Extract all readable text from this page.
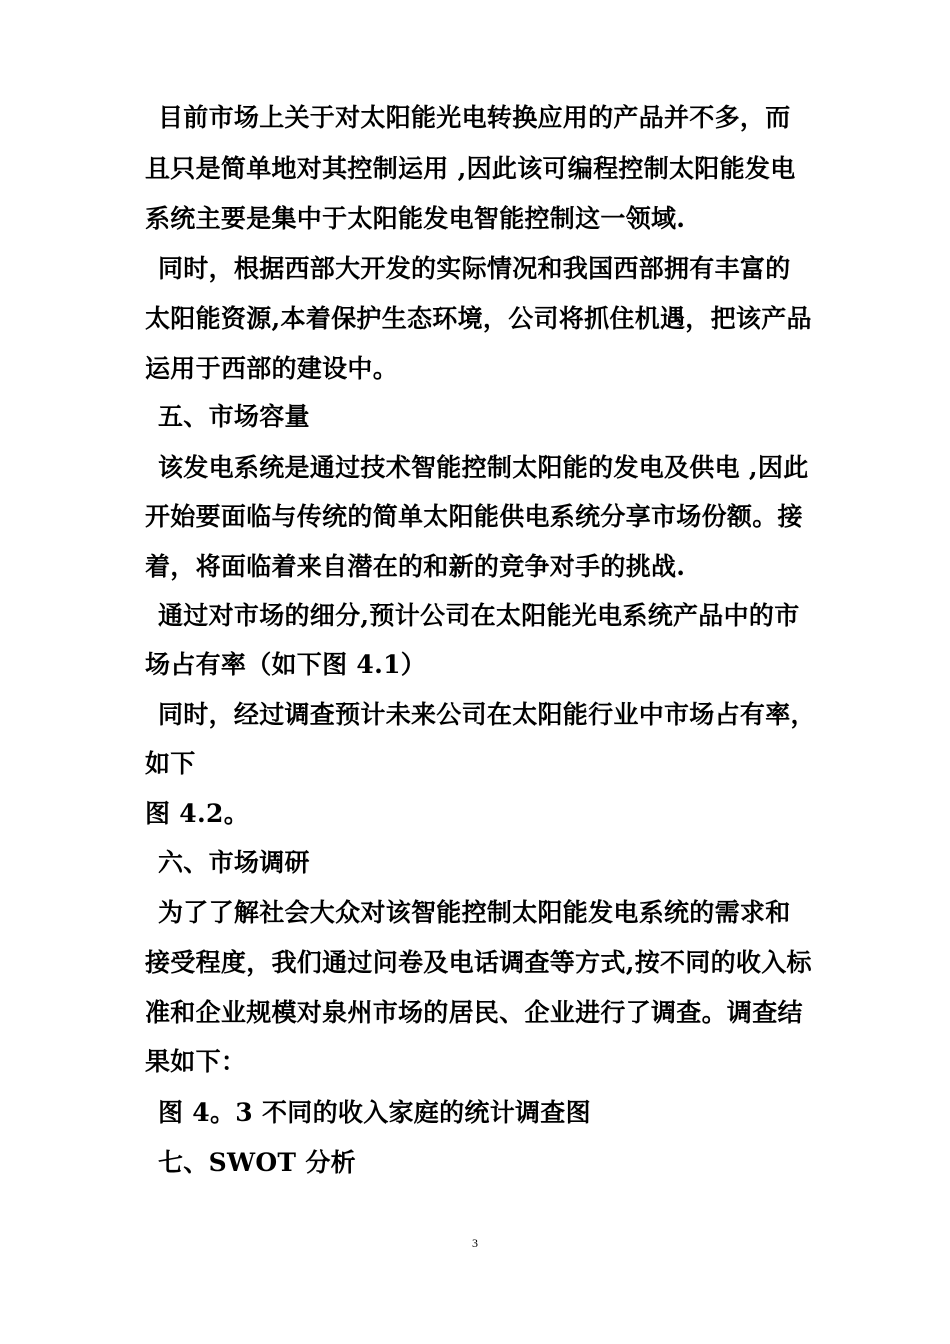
目前市场上关于对太阳能光电转换应用的产品并不多，而
且只是简单地对其控制运用 ,因此该可编程控制太阳能发电
系统主要是集中于太阳能发电智能控制这一领域.
同时，根据西部大开发的实际情况和我国西部拥有丰富的
太阳能资源,本着保护生态环境，公司将抓住机遇，把该产品
运用于西部的建设中。
五、市场容量
该发电系统是通过技术智能控制太阳能的发电及供电 ,因此
开始要面临与传统的简单太阳能供电系统分享市场份额。接
着，将面临着来自潜在的和新的竞争对手的挑战.
通过对市场的细分,预计公司在太阳能光电系统产品中的市
场占有率（如下图 4.1）
同时，经过调查预计未来公司在太阳能行业中市场占有率，
如下
图 4.2。
六、市场调研
为了了解社会大众对该智能控制太阳能发电系统的需求和
接受程度，我们通过问卷及电话调查等方式,按不同的收入标
准和企业规模对泉州市场的居民、企业进行了调查。调查结
果如下：
图 4。3 不同的收入家庭的统计调查图
七、SWOT 分析
3
